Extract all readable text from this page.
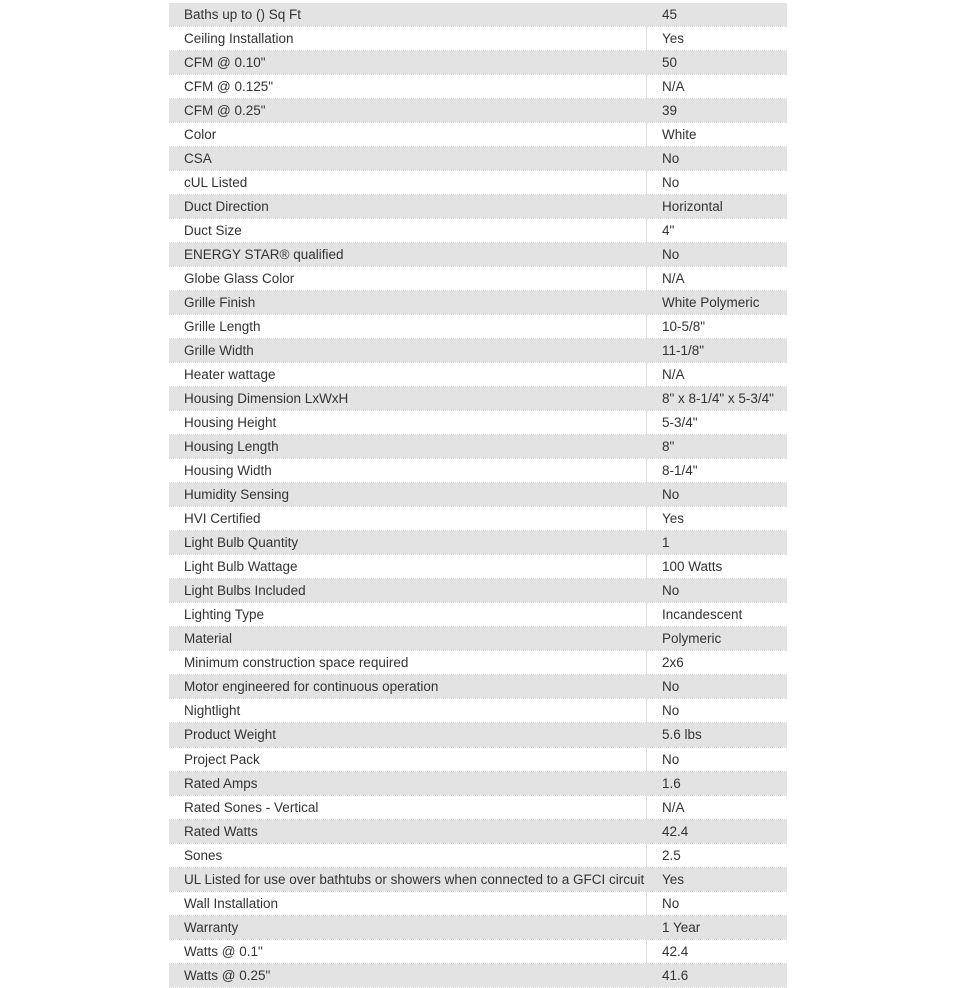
Baths up to () Sq Ft	45
Ceiling Installation	Yes
CFM @ 0.10"	50
CFM @ 0.125"	N/A
CFM @ 0.25"	39
Color	White
CSA	No
cUL Listed	No
Duct Direction	Horizontal
Duct Size	4"
ENERGY STAR® qualified	No
Globe Glass Color	N/A
Grille Finish	White Polymeric
Grille Length	10-5/8"
Grille Width	11-1/8"
Heater wattage	N/A
Housing Dimension LxWxH	8" x 8-1/4" x 5-3/4"
Housing Height	5-3/4"
Housing Length	8"
Housing Width	8-1/4"
Humidity Sensing	No
HVI Certified	Yes
Light Bulb Quantity	1
Light Bulb Wattage	100 Watts
Light Bulbs Included	No
Lighting Type	Incandescent
Material	Polymeric
Minimum construction space required	2x6
Motor engineered for continuous operation	No
Nightlight	No
Product Weight	5.6 lbs
Project Pack	No
Rated Amps	1.6
Rated Sones - Vertical	N/A
Rated Watts	42.4
Sones	2.5
UL Listed for use over bathtubs or showers when connected to a GFCI circuit	Yes
Wall Installation	No
Warranty	1 Year
Watts @ 0.1"	42.4
Watts @ 0.25"	41.6
